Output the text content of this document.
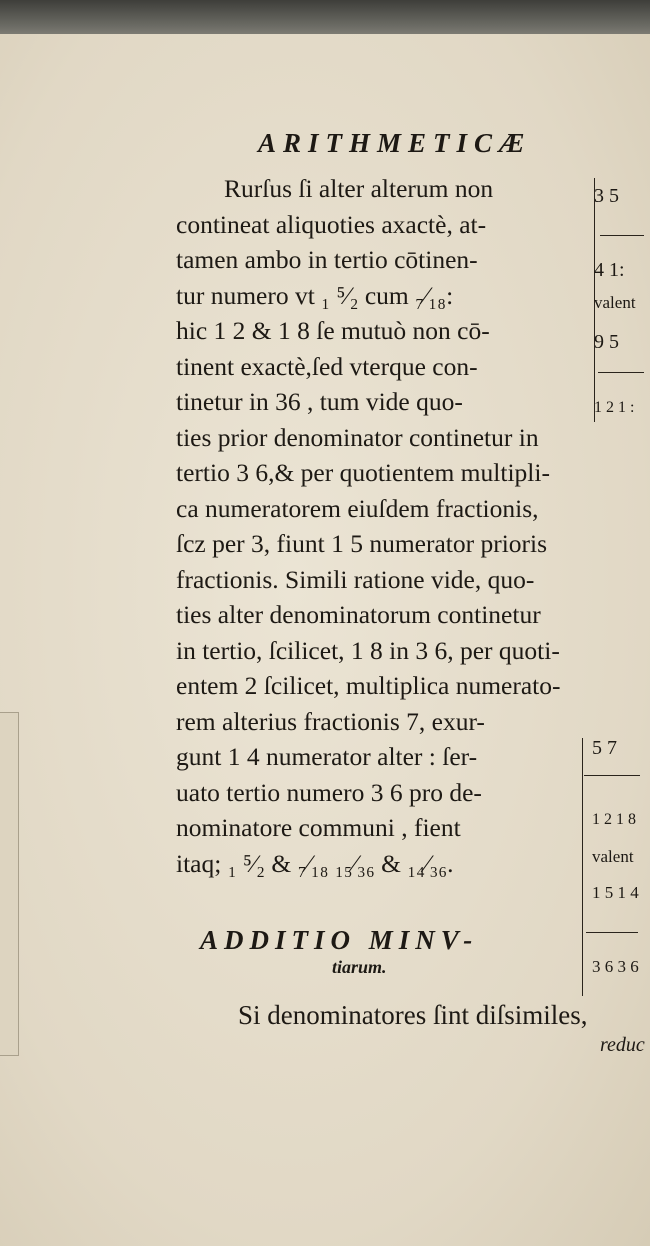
ARITHMETICÆ
Rurſus ſi alter alterum non
contineat aliquoties axactè, at-
tamen ambo in tertio cōtinen-
tur numero vt ₁ ⁵⁄₂ cum ₇⁄₁₈:
hic 1 2 & 1 8 ſe mutuò non cō-
tinent exactè,ſed vterque con-
tinetur in 36 , tum vide quo-
ties prior denominator continetur in
tertio 3 6,& per quotientem multipli-
ca numeratorem eiuſdem fractionis,
ſcz per 3, fiunt 1 5 numerator prioris
fractionis. Simili ratione vide, quo-
ties alter denominatorum continetur
in tertio, ſcilicet, 1 8 in 3 6, per quoti-
entem 2 ſcilicet, multiplica numerato-
rem alterius fractionis 7, exur-
gunt 1 4 numerator alter : ſer-
uato tertio numero 3 6 pro de-
nominatore communi , fient
itaq; ₁ ⁵⁄₂ & ₇⁄₁₈ ₁₅⁄₃₆ & ₁₄⁄₃₆.
3 5
4 1:
valent
9 5
1 2 1 :
5 7
1 2 1 8
valent
1 5 1 4
3 6 3 6
ADDITIO MINV-
tiarum.
Si denominatores ſint diſsimiles,
reduc
